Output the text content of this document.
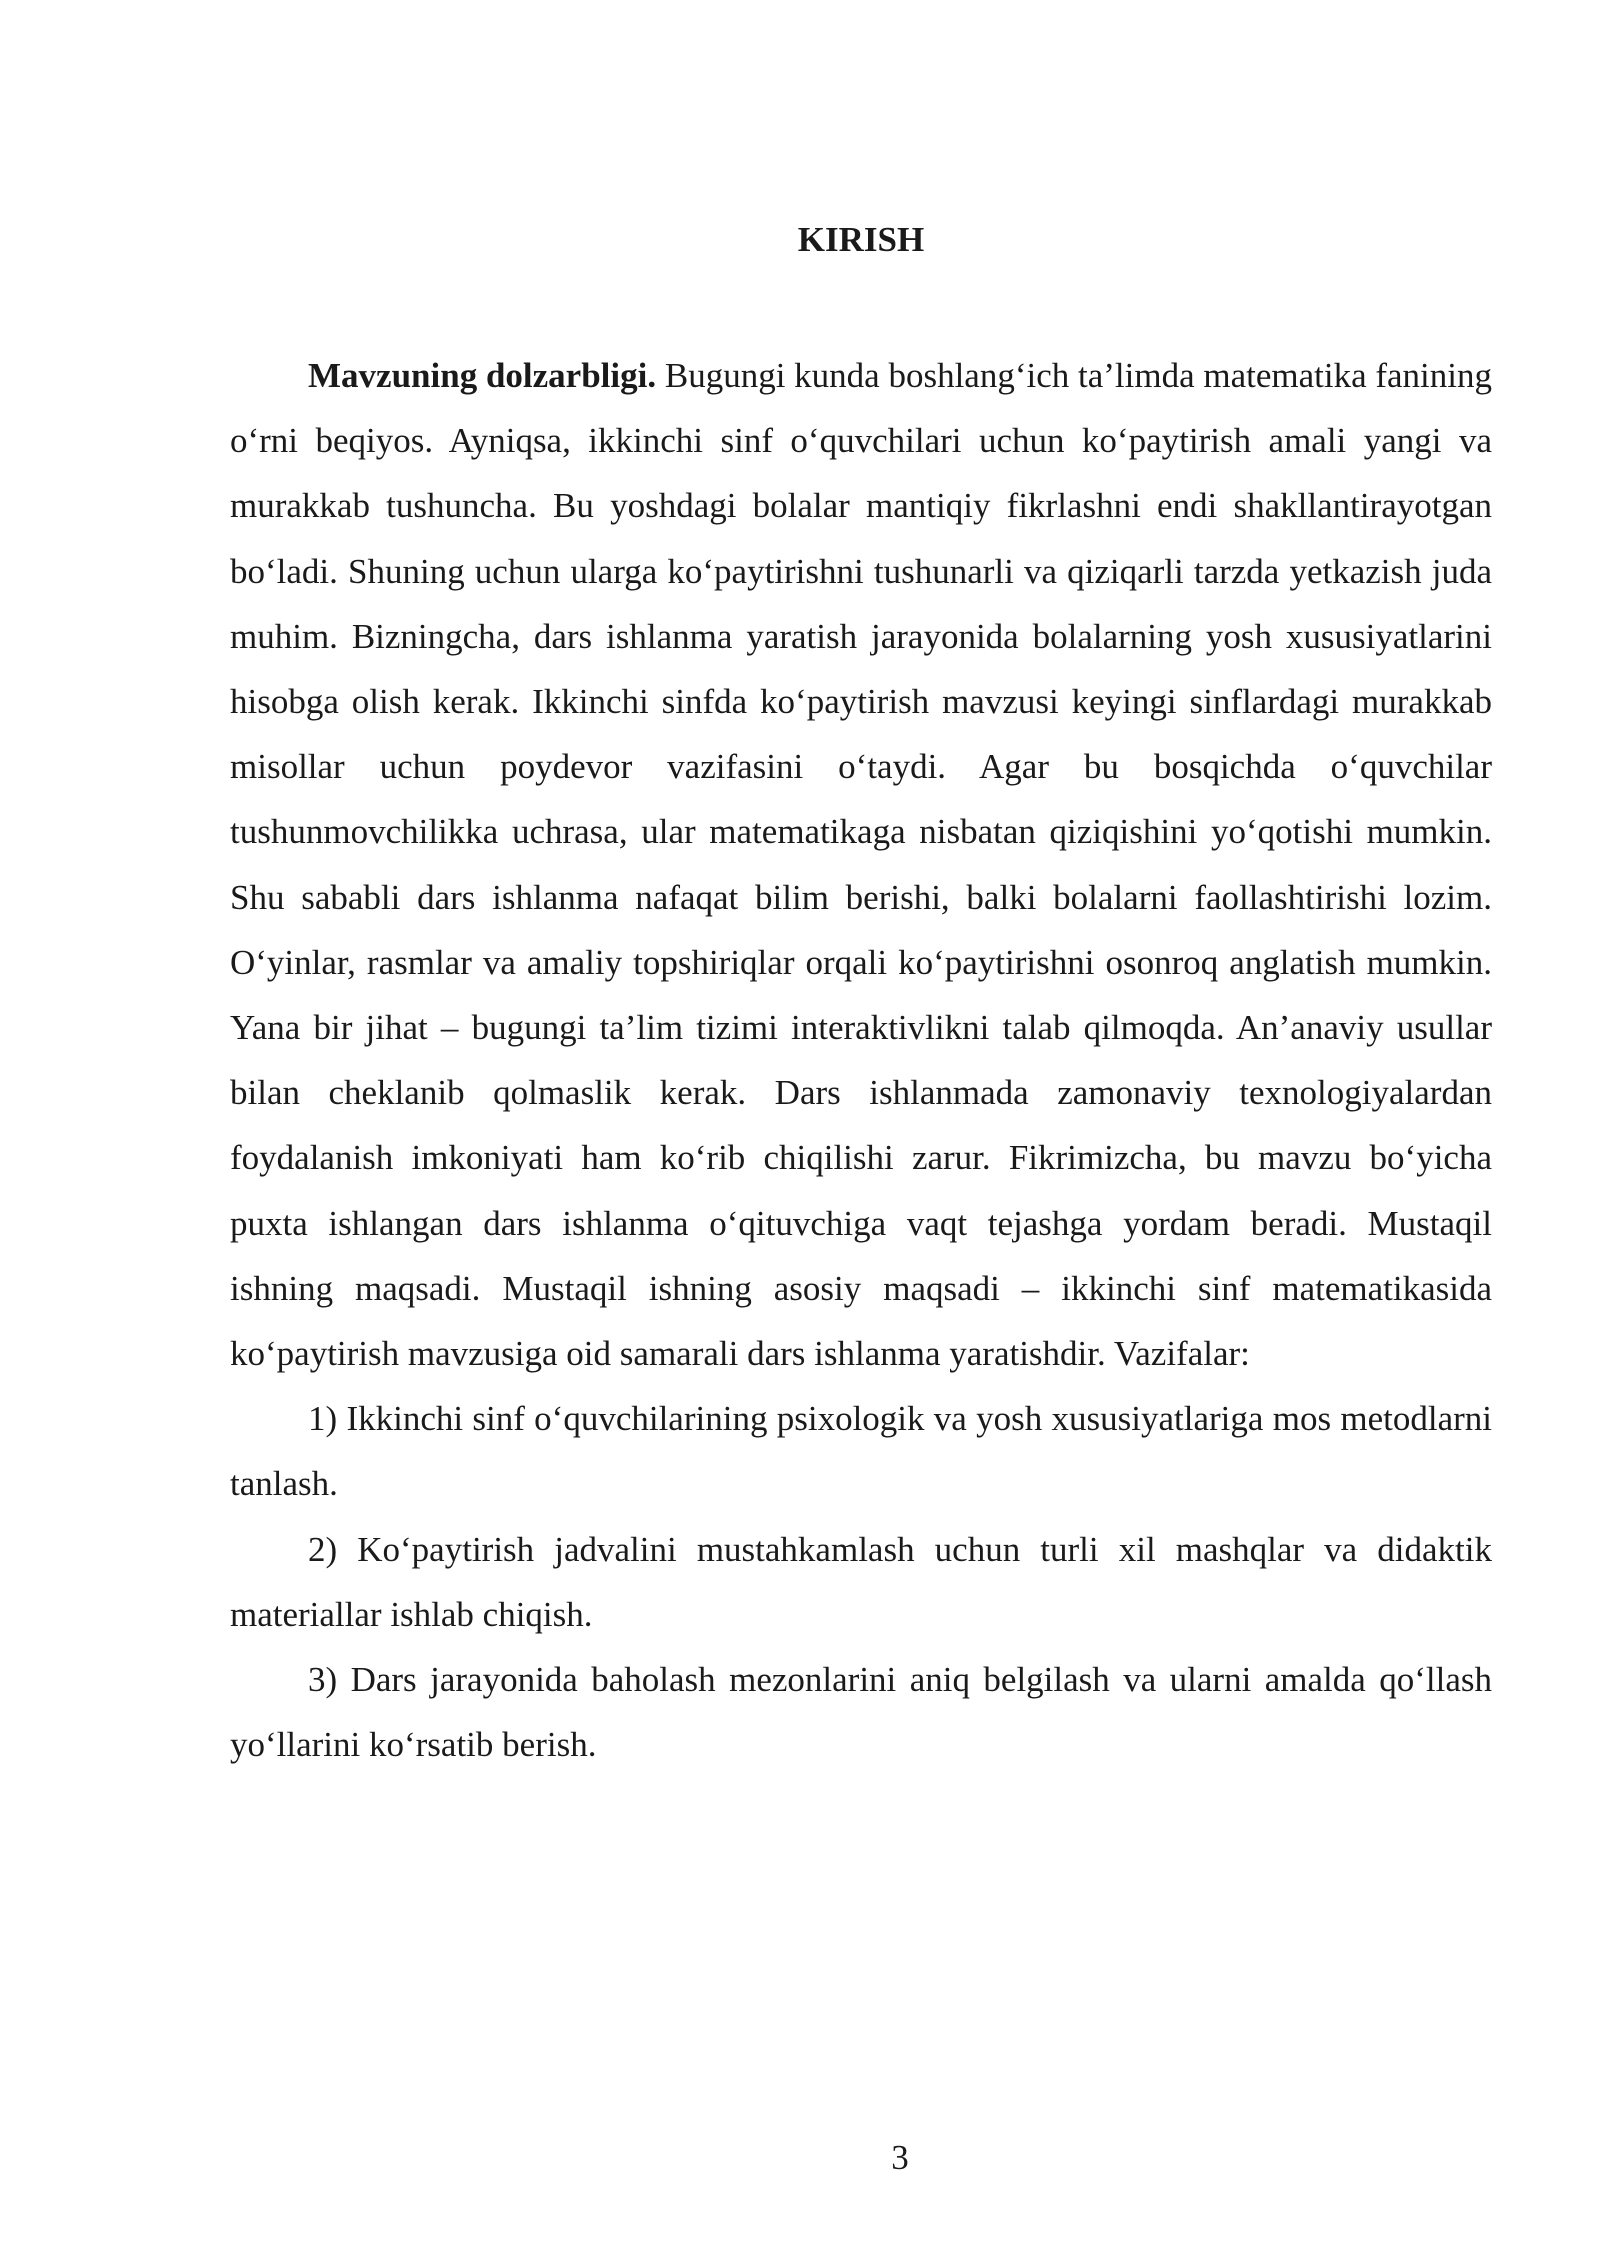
KIRISH

Mavzuning dolzarbligi. Bugungi kunda boshlang‘ich ta’limda matematika fanining o‘rni beqiyos. Ayniqsa, ikkinchi sinf o‘quvchilari uchun ko‘paytirish amali yangi va murakkab tushuncha. Bu yoshdagi bolalar mantiqiy fikrlashni endi shakllantirayotgan bo‘ladi. Shuning uchun ularga ko‘paytirishni tushunarli va qiziqarli tarzda yetkazish juda muhim. Bizningcha, dars ishlanma yaratish jarayonida bolalarning yosh xususiyatlarini hisobga olish kerak. Ikkinchi sinfda ko‘paytirish mavzusi keyingi sinflardagi murakkab misollar uchun poydevor vazifasini o‘taydi. Agar bu bosqichda o‘quvchilar tushunmovchilikka uchrasa, ular matematikaga nisbatan qiziqishini yo‘qotishi mumkin. Shu sababli dars ishlanma nafaqat bilim berishi, balki bolalarni faollashtirishi lozim. O‘yinlar, rasmlar va amaliy topshiriqlar orqali ko‘paytirishni osonroq anglatish mumkin. Yana bir jihat – bugungi ta’lim tizimi interaktivlikni talab qilmoqda. An’anaviy usullar bilan cheklanib qolmaslik kerak. Dars ishlanmada zamonaviy texnologiyalardan foydalanish imkoniyati ham ko‘rib chiqilishi zarur. Fikrimizcha, bu mavzu bo‘yicha puxta ishlangan dars ishlanma o‘qituvchiga vaqt tejashga yordam beradi. Mustaqil ishning maqsadi. Mustaqil ishning asosiy maqsadi – ikkinchi sinf matematikasida ko‘paytirish mavzusiga oid samarali dars ishlanma yaratishdir. Vazifalar:

1) Ikkinchi sinf o‘quvchilarining psixologik va yosh xususiyatlariga mos metodlarni tanlash.

2) Ko‘paytirish jadvalini mustahkamlash uchun turli xil mashqlar va didaktik materiallar ishlab chiqish.

3) Dars jarayonida baholash mezonlarini aniq belgilash va ularni amalda qo‘llash yo‘llarini ko‘rsatib berish.

3
